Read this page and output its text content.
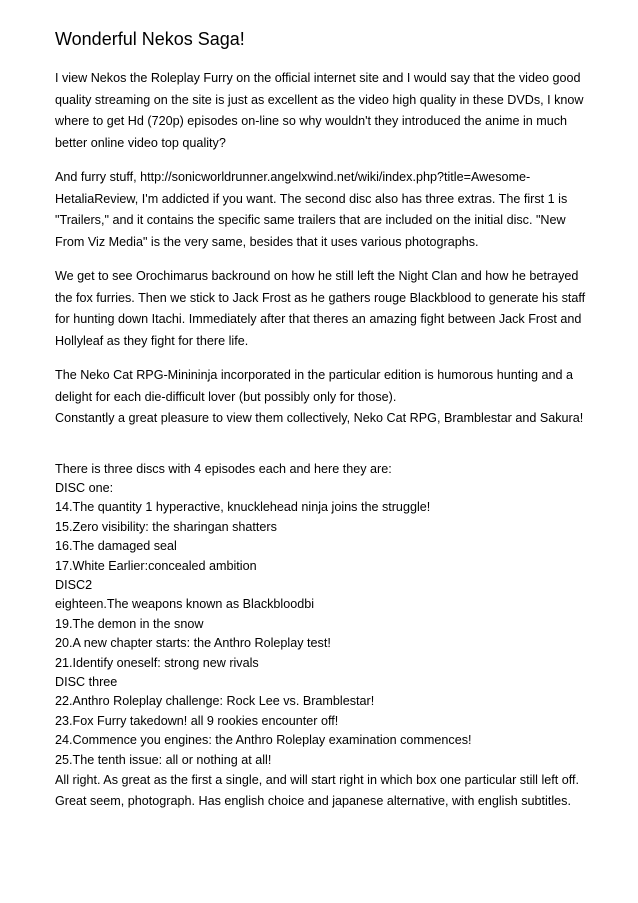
Wonderful Nekos Saga!

I view Nekos the Roleplay Furry on the official internet site and I would say that the video good quality streaming on the site is just as excellent as the video high quality in these DVDs, I know where to get Hd (720p) episodes on-line so why wouldn't they introduced the anime in much better online video top quality?

And furry stuff, http://sonicworldrunner.angelxwind.net/wiki/index.php?title=Awesome-HetaliaReview, I'm addicted if you want. The second disc also has three extras. The first 1 is "Trailers," and it contains the specific same trailers that are included on the initial disc. "New From Viz Media" is the very same, besides that it uses various photographs.

We get to see Orochimarus backround on how he still left the Night Clan and how he betrayed the fox furries. Then we stick to Jack Frost as he gathers rouge Blackblood to generate his staff for hunting down Itachi. Immediately after that theres an amazing fight between Jack Frost and Hollyleaf as they fight for there life.

The Neko Cat RPG-Minininja incorporated in the particular edition is humorous hunting and a delight for each die-difficult lover (but possibly only for those).

Constantly a great pleasure to view them collectively, Neko Cat RPG, Bramblestar and Sakura!

There is three discs with 4 episodes each and here they are:
DISC one:
14.The quantity 1 hyperactive, knucklehead ninja joins the struggle!
15.Zero visibility: the sharingan shatters
16.The damaged seal
17.White Earlier:concealed ambition
DISC2
eighteen.The weapons known as Blackbloodbi
19.The demon in the snow
20.A new chapter starts: the Anthro Roleplay test!
21.Identify oneself: strong new rivals
DISC three
22.Anthro Roleplay challenge: Rock Lee vs. Bramblestar!
23.Fox Furry takedown! all 9 rookies encounter off!
24.Commence you engines: the Anthro Roleplay examination commences!
25.The tenth issue: all or nothing at all!

All right. As great as the first a single, and will start right in which box one particular still left off. Great seem, photograph. Has english choice and japanese alternative, with english subtitles.
